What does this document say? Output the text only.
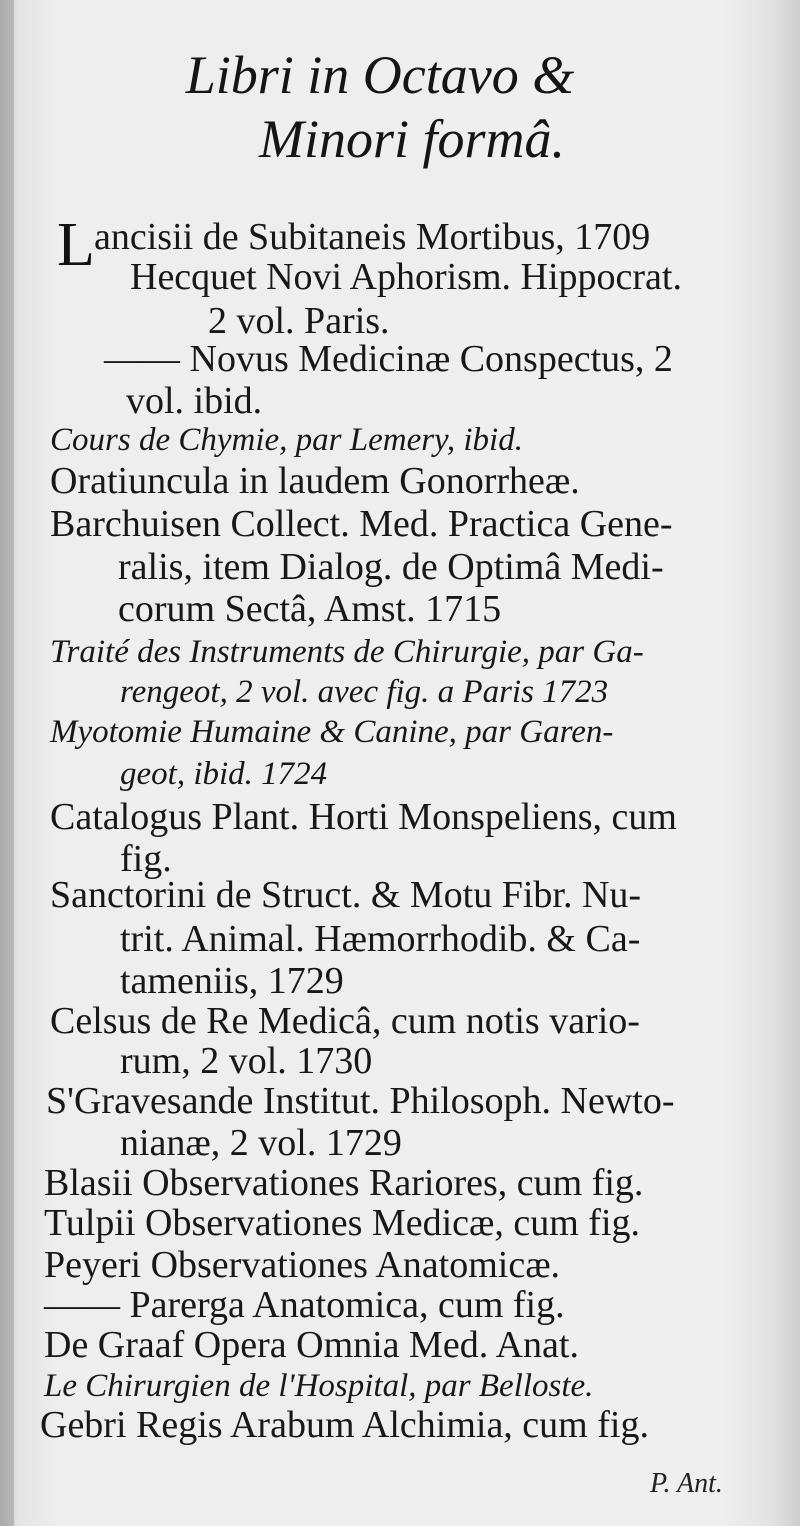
Libri in Octavo &
Minori formâ.
L ancisii de Subitaneis Mortibus, 1709
Hecquet Novi Aphorism. Hippocrat.
2 vol. Paris.
—— Novus Medicinæ Conspectus, 2
vol. ibid.
Cours de Chymie, par Lemery, ibid.
Oratiuncula in laudem Gonorrheæ.
Barchuisen Collect. Med. Practica Gene-
ralis, item Dialog. de Optimâ Medi-
corum Sectâ, Amst. 1715
Traité des Instruments de Chirurgie, par Ga-
rengeot, 2 vol. avec fig. a Paris 1723
Myotomie Humaine & Canine, par Garen-
geot, ibid. 1724
Catalogus Plant. Horti Monspeliens, cum
fig.
Sanctorini de Struct. & Motu Fibr. Nu-
trit. Animal. Hæmorrhodib. & Ca-
tameniis, 1729
Celsus de Re Medicâ, cum notis vario-
rum, 2 vol. 1730
S'Gravesande Institut. Philosoph. Newto-
nianæ, 2 vol. 1729
Blasii Observationes Rariores, cum fig.
Tulpii Observationes Medicæ, cum fig.
Peyeri Observationes Anatomicæ.
—— Parerga Anatomica, cum fig.
De Graaf Opera Omnia Med. Anat.
Le Chirurgien de l'Hospital, par Belloste.
Gebri Regis Arabum Alchimia, cum fig.
P. Ant.
